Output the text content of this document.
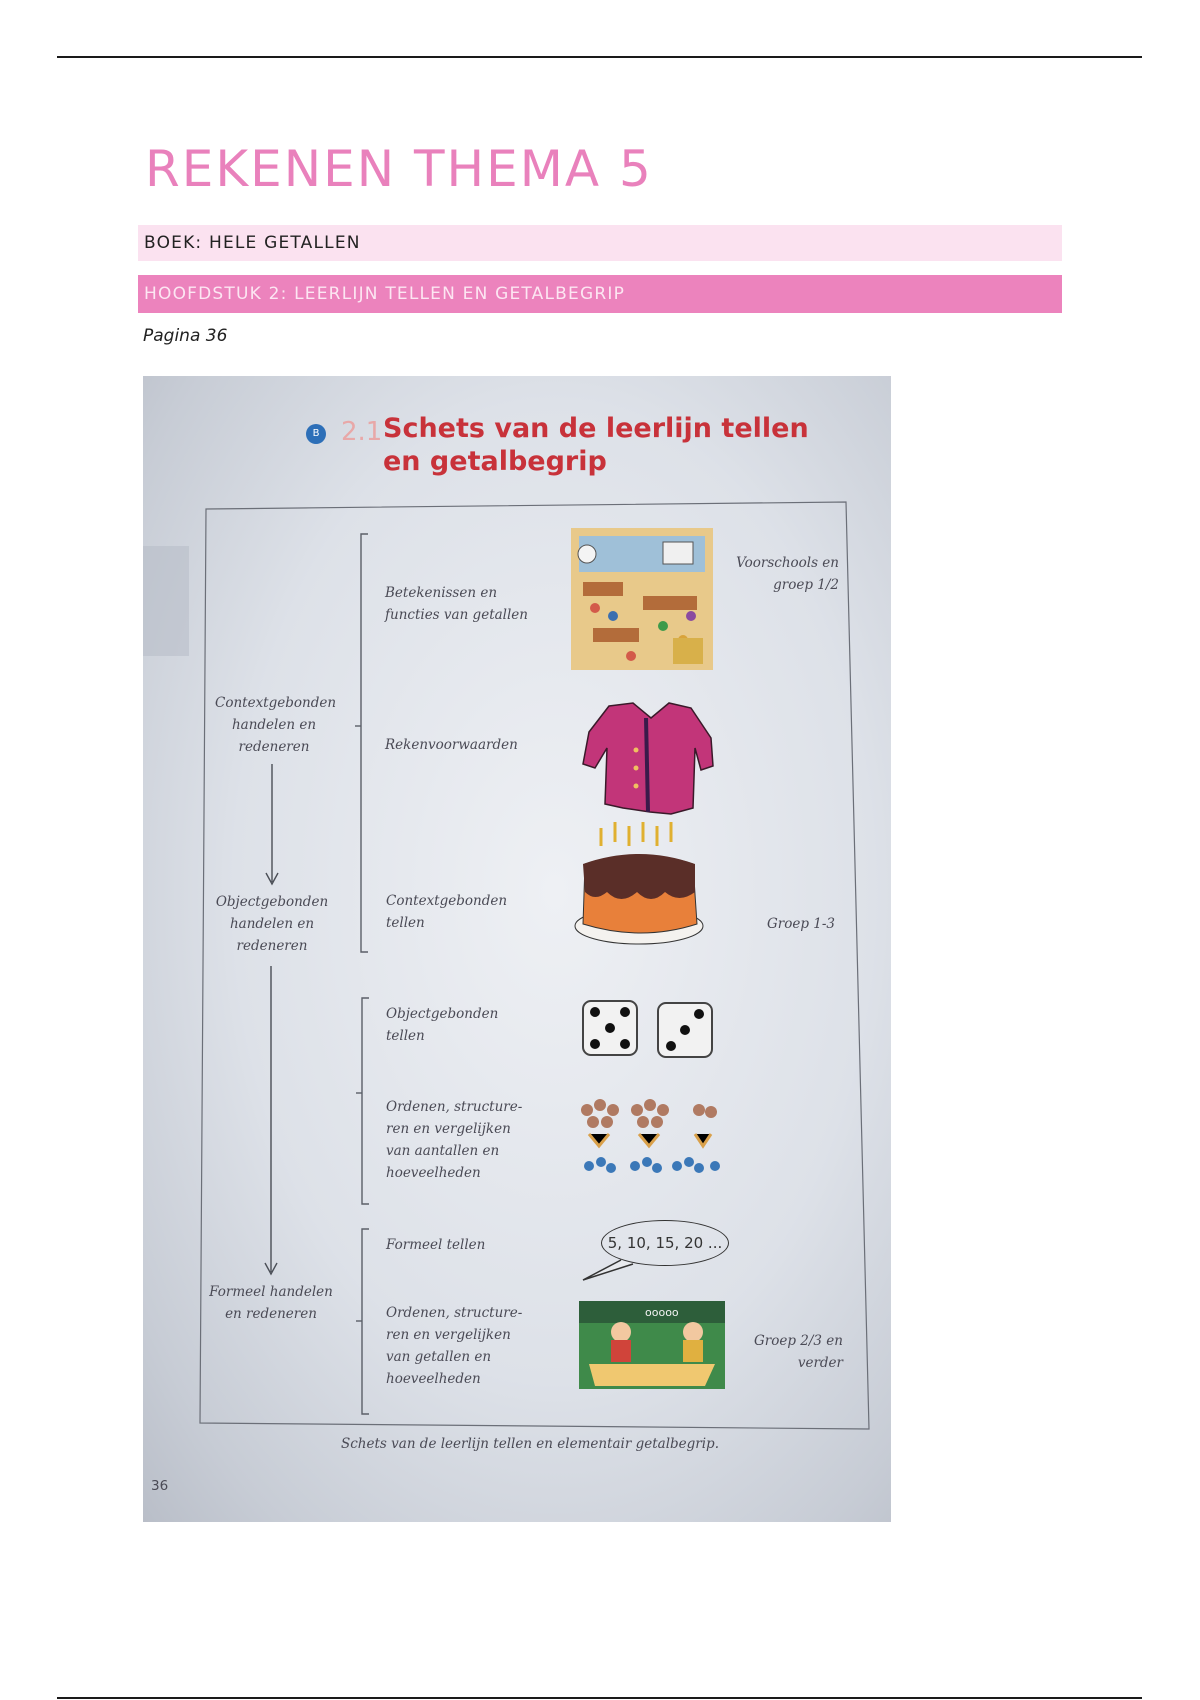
REKENEN THEMA 5
BOEK: HELE GETALLEN
HOOFDSTUK 2: LEERLIJN TELLEN EN GETALBEGRIP
Pagina 36
ooooo
B 2.1 Schets van de leerlijn tellen en getalbegrip
Contextgebonden
handelen en
redeneren
Objectgebonden
handelen en
redeneren
Formeel handelen
en redeneren
Betekenissen en
functies van getallen
Rekenvoorwaarden
Contextgebonden
tellen
Objectgebonden
tellen
Ordenen, structure-
ren en vergelijken
van aantallen en
hoeveelheden
Formeel tellen
Ordenen, structure-
ren en vergelijken
van getallen en
hoeveelheden
Voorschools en
groep 1/2
Groep 1-3
Groep 2/3 en
verder
5, 10, 15, 20 ...
Schets van de leerlijn tellen en elementair getalbegrip.
36
